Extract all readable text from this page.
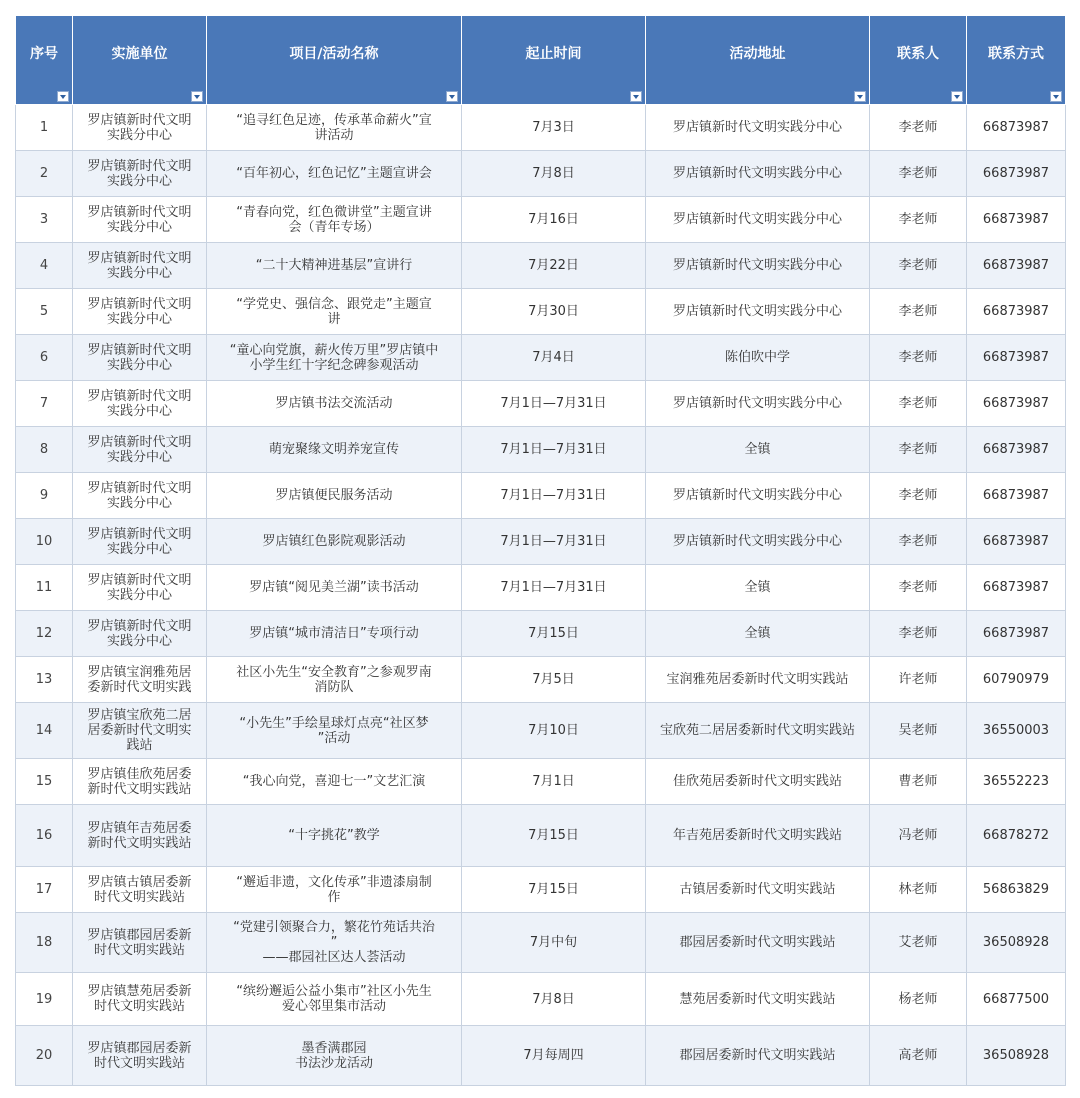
序号	实施单位	项目/活动名称	起止时间	活动地址	联系人	联系方式

1	罗店镇新时代文明
实践分中心	“追寻红色足迹，传承革命薪火”宣
讲活动	7月3日	罗店镇新时代文明实践分中心	李老师	66873987
2	罗店镇新时代文明
实践分中心	“百年初心，红色记忆”主题宣讲会	7月8日	罗店镇新时代文明实践分中心	李老师	66873987
3	罗店镇新时代文明
实践分中心	“青春向党，红色微讲堂”主题宣讲
会（青年专场）	7月16日	罗店镇新时代文明实践分中心	李老师	66873987
4	罗店镇新时代文明
实践分中心	“二十大精神进基层”宣讲行	7月22日	罗店镇新时代文明实践分中心	李老师	66873987
5	罗店镇新时代文明
实践分中心	“学党史、强信念、跟党走”主题宣
讲	7月30日	罗店镇新时代文明实践分中心	李老师	66873987
6	罗店镇新时代文明
实践分中心	“童心向党旗，薪火传万里”罗店镇中
小学生红十字纪念碑参观活动	7月4日	陈伯吹中学	李老师	66873987
7	罗店镇新时代文明
实践分中心	罗店镇书法交流活动	7月1日—7月31日	罗店镇新时代文明实践分中心	李老师	66873987
8	罗店镇新时代文明
实践分中心	萌宠聚缘文明养宠宣传	7月1日—7月31日	全镇	李老师	66873987
9	罗店镇新时代文明
实践分中心	罗店镇便民服务活动	7月1日—7月31日	罗店镇新时代文明实践分中心	李老师	66873987
10	罗店镇新时代文明
实践分中心	罗店镇红色影院观影活动	7月1日—7月31日	罗店镇新时代文明实践分中心	李老师	66873987
11	罗店镇新时代文明
实践分中心	罗店镇“阅见美兰湖”读书活动	7月1日—7月31日	全镇	李老师	66873987
12	罗店镇新时代文明
实践分中心	罗店镇“城市清洁日”专项行动	7月15日	全镇	李老师	66873987
13	罗店镇宝润雅苑居
委新时代文明实践	社区小先生“安全教育”之参观罗南
消防队	7月5日	宝润雅苑居委新时代文明实践站	许老师	60790979
14	罗店镇宝欣苑二居
居委新时代文明实
践站	“小先生”手绘星球灯点亮“社区梦
”活动	7月10日	宝欣苑二居居委新时代文明实践站	吴老师	36550003
15	罗店镇佳欣苑居委
新时代文明实践站	“我心向党，喜迎七一”文艺汇演	7月1日	佳欣苑居委新时代文明实践站	曹老师	36552223
16	罗店镇年吉苑居委
新时代文明实践站	“十字挑花”教学	7月15日	年吉苑居委新时代文明实践站	冯老师	66878272
17	罗店镇古镇居委新
时代文明实践站	“邂逅非遗，文化传承”非遗漆扇制
作	7月15日	古镇居委新时代文明实践站	林老师	56863829
18	罗店镇郡园居委新
时代文明实践站	“党建引领聚合力，繁花竹苑话共治
”
——郡园社区达人荟活动	7月中旬	郡园居委新时代文明实践站	艾老师	36508928
19	罗店镇慧苑居委新
时代文明实践站	“缤纷邂逅公益小集市”社区小先生
爱心邻里集市活动	7月8日	慧苑居委新时代文明实践站	杨老师	66877500
20	罗店镇郡园居委新
时代文明实践站	墨香满郡园
书法沙龙活动	7月每周四	郡园居委新时代文明实践站	高老师	36508928
